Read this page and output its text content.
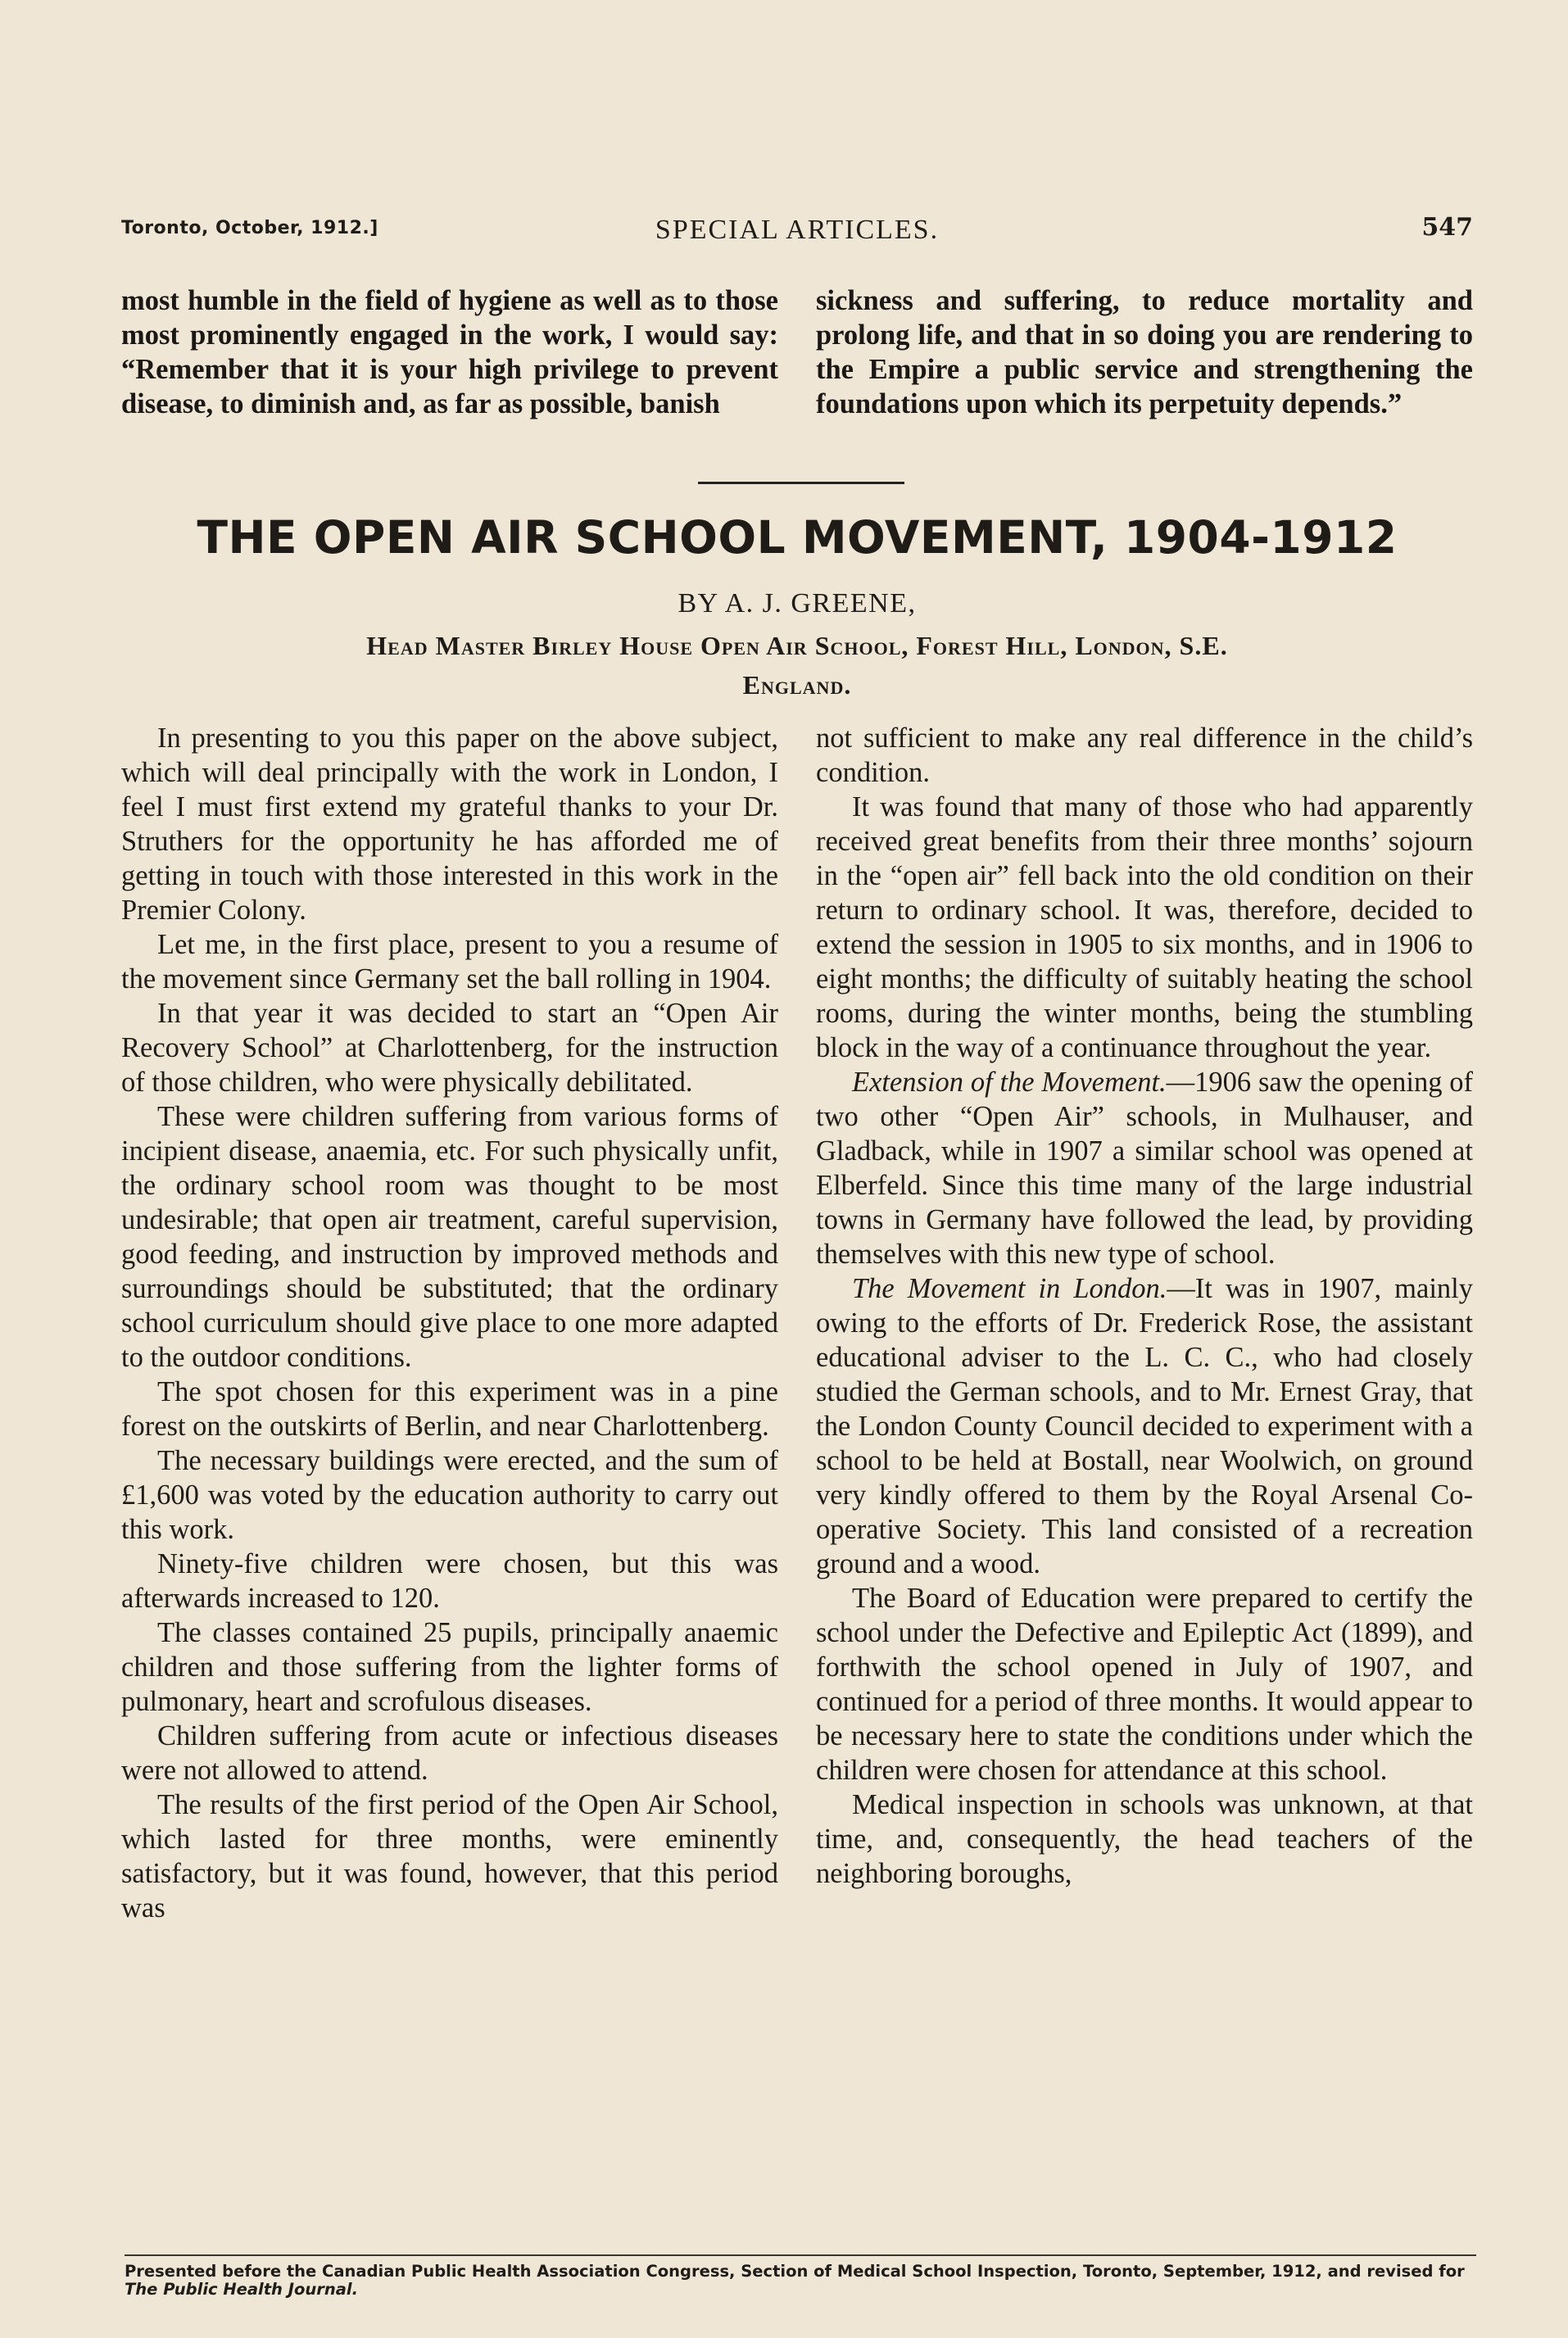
Toronto, October, 1912.]	SPECIAL ARTICLES.	547

most humble in the field of hygiene as well as to those most prominently engaged in the work, I would say: “Remember that it is your high privilege to prevent disease, to diminish and, as far as possible, banish

sickness and suffering, to reduce mortality and prolong life, and that in so doing you are rendering to the Empire a public service and strengthening the foundations upon which its perpetuity depends.”

THE OPEN AIR SCHOOL MOVEMENT, 1904-1912
BY A. J. GREENE,
Head Master Birley House Open Air School, Forest Hill, London, S.E.
England.

In presenting to you this paper on the above subject, which will deal principally with the work in London, I feel I must first extend my grateful thanks to your Dr. Struthers for the opportunity he has afforded me of getting in touch with those interested in this work in the Premier Colony.

Let me, in the first place, present to you a resume of the movement since Germany set the ball rolling in 1904.

In that year it was decided to start an “Open Air Recovery School” at Charlottenberg, for the instruction of those children, who were physically debilitated.

These were children suffering from various forms of incipient disease, anaemia, etc. For such physically unfit, the ordinary school room was thought to be most undesirable; that open air treatment, careful supervision, good feeding, and instruction by improved methods and surroundings should be substituted; that the ordinary school curriculum should give place to one more adapted to the outdoor conditions.

The spot chosen for this experiment was in a pine forest on the outskirts of Berlin, and near Charlottenberg.

The necessary buildings were erected, and the sum of £1,600 was voted by the education authority to carry out this work.

Ninety-five children were chosen, but this was afterwards increased to 120.

The classes contained 25 pupils, principally anaemic children and those suffering from the lighter forms of pulmonary, heart and scrofulous diseases.

Children suffering from acute or infectious diseases were not allowed to attend.

The results of the first period of the Open Air School, which lasted for three months, were eminently satisfactory, but it was found, however, that this period was

not sufficient to make any real difference in the child’s condition.

It was found that many of those who had apparently received great benefits from their three months’ sojourn in the “open air” fell back into the old condition on their return to ordinary school. It was, therefore, decided to extend the session in 1905 to six months, and in 1906 to eight months; the difficulty of suitably heating the school rooms, during the winter months, being the stumbling block in the way of a continuance throughout the year.

Extension of the Movement.—1906 saw the opening of two other “Open Air” schools, in Mulhauser, and Gladback, while in 1907 a similar school was opened at Elberfeld. Since this time many of the large industrial towns in Germany have followed the lead, by providing themselves with this new type of school.

The Movement in London.—It was in 1907, mainly owing to the efforts of Dr. Frederick Rose, the assistant educational adviser to the L. C. C., who had closely studied the German schools, and to Mr. Ernest Gray, that the London County Council decided to experiment with a school to be held at Bostall, near Woolwich, on ground very kindly offered to them by the Royal Arsenal Co-operative Society. This land consisted of a recreation ground and a wood.

The Board of Education were prepared to certify the school under the Defective and Epileptic Act (1899), and forthwith the school opened in July of 1907, and continued for a period of three months. It would appear to be necessary here to state the conditions under which the children were chosen for attendance at this school.

Medical inspection in schools was unknown, at that time, and, consequently, the head teachers of the neighboring boroughs,

Presented before the Canadian Public Health Association Congress, Section of Medical School Inspection, Toronto, September, 1912, and revised for The Public Health Journal.
